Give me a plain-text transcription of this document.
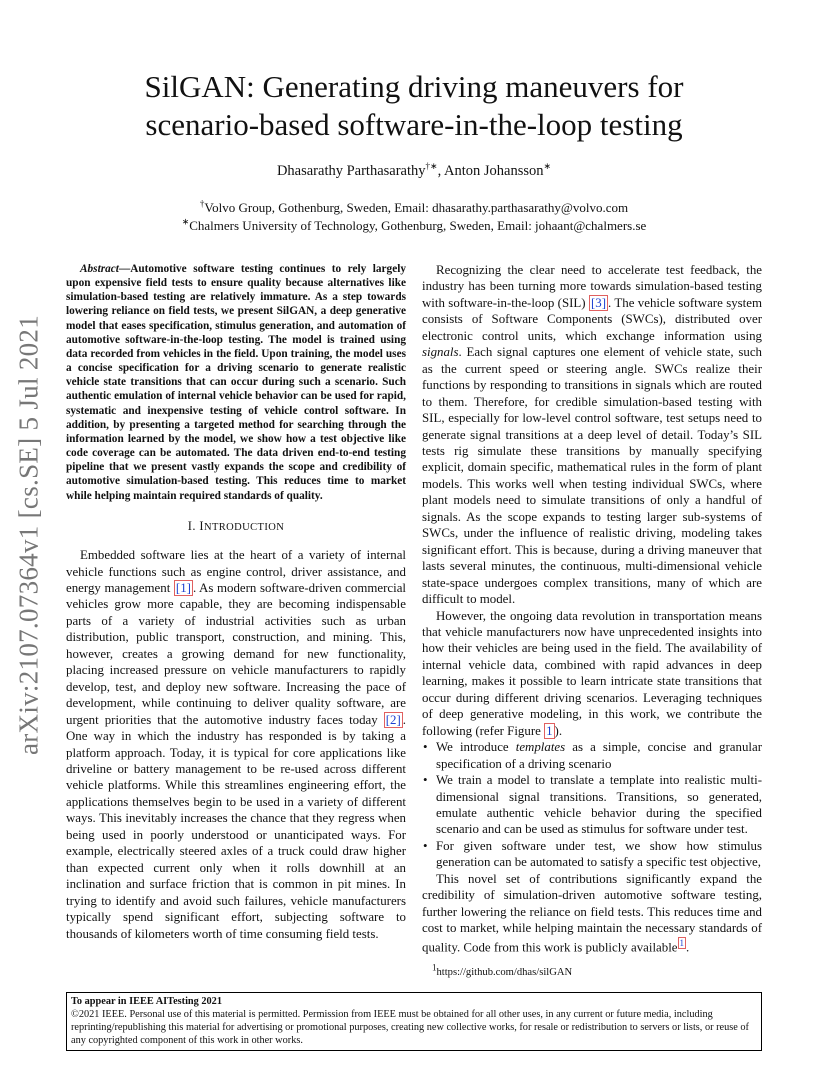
arXiv:2107.07364v1 [cs.SE] 5 Jul 2021
SilGAN: Generating driving maneuvers for
scenario-based software-in-the-loop testing
Dhasarathy Parthasarathy†∗, Anton Johansson∗
†Volvo Group, Gothenburg, Sweden, Email: dhasarathy.parthasarathy@volvo.com
∗Chalmers University of Technology, Gothenburg, Sweden, Email: johaant@chalmers.se
Abstract—Automotive software testing continues to rely largely upon expensive field tests to ensure quality because alternatives like simulation-based testing are relatively immature. As a step towards lowering reliance on field tests, we present SilGAN, a deep generative model that eases specification, stimulus generation, and automation of automotive software-in-the-loop testing. The model is trained using data recorded from vehicles in the field. Upon training, the model uses a concise specification for a driving scenario to generate realistic vehicle state transitions that can occur during such a scenario. Such authentic emulation of internal vehicle behavior can be used for rapid, systematic and inexpensive testing of vehicle control software. In addition, by presenting a targeted method for searching through the information learned by the model, we show how a test objective like code coverage can be automated. The data driven end-to-end testing pipeline that we present vastly expands the scope and credibility of automotive simulation-based testing. This reduces time to market while helping maintain required standards of quality.
I. INTRODUCTION

Embedded software lies at the heart of a variety of internal vehicle functions such as engine control, driver assistance, and energy management [1] . As modern software-driven commercial vehicles grow more capable, they are becoming indispensable parts of a variety of industrial activities such as urban distribution, public transport, construction, and mining. This, however, creates a growing demand for new functionality, placing increased pressure on vehicle manufacturers to rapidly develop, test, and deploy new software. Increasing the pace of development, while continuing to deliver quality software, are urgent priorities that the automotive industry faces today [2] . One way in which the industry has responded is by taking a platform approach. Today, it is typical for core applications like driveline or battery management to be re-used across different vehicle platforms. While this streamlines engineering effort, the applications themselves begin to be used in a variety of different ways. This inevitably increases the chance that they regress when being used in poorly understood or unanticipated ways. For example, electrically steered axles of a truck could draw higher than expected current only when it rolls downhill at an inclination and surface friction that is common in pit mines. In trying to identify and avoid such failures, vehicle manufacturers typically spend significant effort, subjecting software to thousands of kilometers worth of time consuming field tests.

Recognizing the clear need to accelerate test feedback, the industry has been turning more towards simulation-based testing with software-in-the-loop (SIL) [3] . The vehicle software system consists of Software Components (SWCs), distributed over electronic control units, which exchange information using signals. Each signal captures one element of vehicle state, such as the current speed or steering angle. SWCs realize their functions by responding to transitions in signals which are routed to them. Therefore, for credible simulation-based testing with SIL, especially for low-level control software, test setups need to generate signal transitions at a deep level of detail. Today’s SIL tests rig simulate these transitions by manually specifying explicit, domain specific, mathematical rules in the form of plant models. This works well when testing individual SWCs, where plant models need to simulate transitions of only a handful of signals. As the scope expands to testing larger sub-systems of SWCs, under the influence of realistic driving, modeling takes significant effort. This is because, during a driving maneuver that lasts several minutes, the continuous, multi-dimensional vehicle state-space undergoes complex transitions, many of which are difficult to model.

However, the ongoing data revolution in transportation means that vehicle manufacturers now have unprecedented insights into how their vehicles are being used in the field. The availability of internal vehicle data, combined with rapid advances in deep learning, makes it possible to learn intricate state transitions that occur during different driving scenarios. Leveraging techniques of deep generative modeling, in this work, we contribute the following (refer Figure 1 ).

• We introduce templates as a simple, concise and granular specification of a driving scenario
• We train a model to translate a template into realistic multi-dimensional signal transitions. Transitions, so generated, emulate authentic vehicle behavior during the specified scenario and can be used as stimulus for software under test.
• For given software under test, we show how stimulus generation can be automated to satisfy a specific test objective,

This novel set of contributions significantly expand the credibility of simulation-driven automotive software testing, further lowering the reliance on field tests. This reduces time and cost to market, while helping maintain the necessary standards of quality. Code from this work is publicly available $^1$ .

$^1$https://github.com/dhas/silGAN
To appear in IEEE AITesting 2021
©2021 IEEE. Personal use of this material is permitted. Permission from IEEE must be obtained for all other uses, in any current or future media, including reprinting/republishing this material for advertising or promotional purposes, creating new collective works, for resale or redistribution to servers or lists, or reuse of any copyrighted component of this work in other works.
